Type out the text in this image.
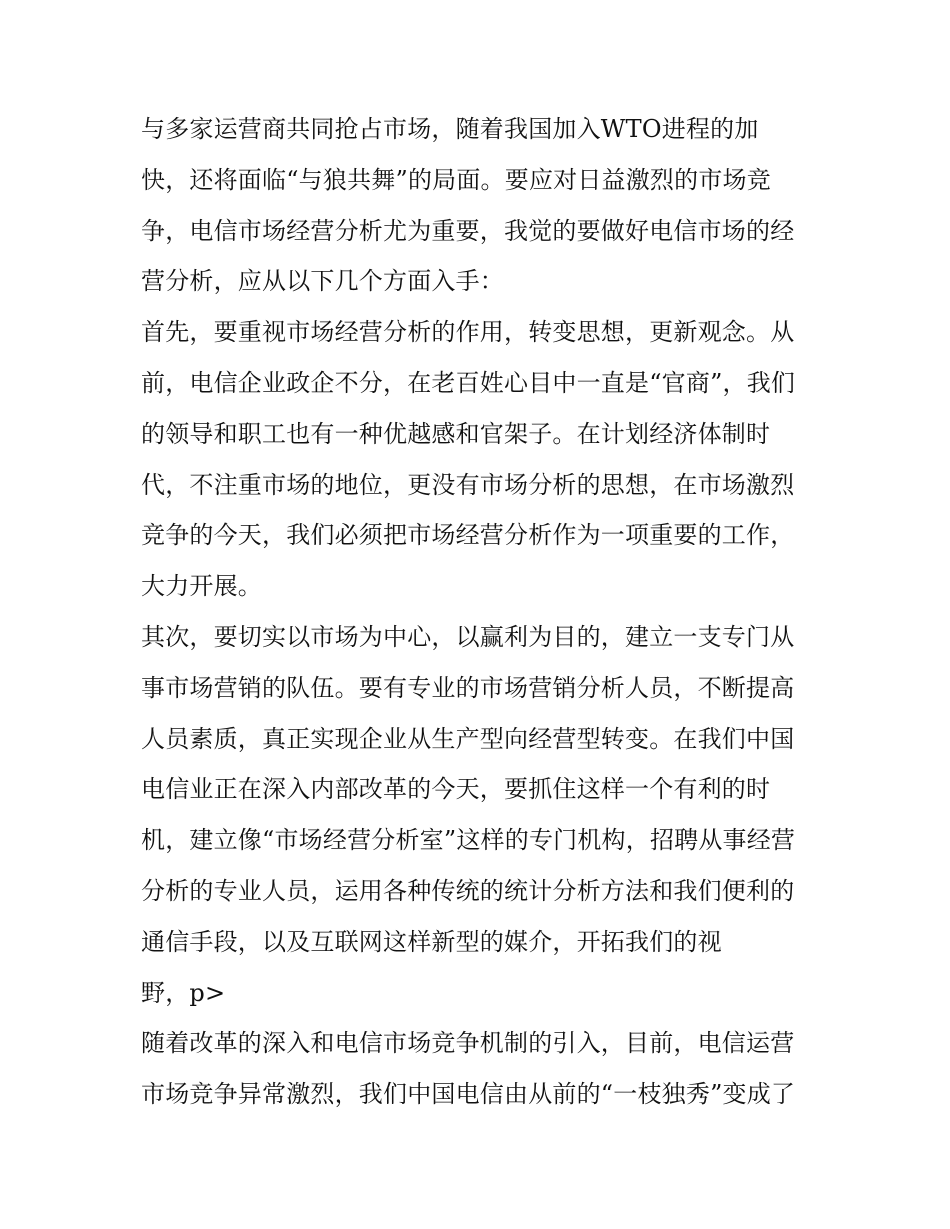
与多家运营商共同抢占市场，随着我国加入WTO进程的加
快，还将面临“与狼共舞”的局面。要应对日益激烈的市场竞
争，电信市场经营分析尤为重要，我觉的要做好电信市场的经
营分析，应从以下几个方面入手：
首先，要重视市场经营分析的作用，转变思想，更新观念。从
前，电信企业政企不分，在老百姓心目中一直是“官商”，我们
的领导和职工也有一种优越感和官架子。在计划经济体制时
代，不注重市场的地位，更没有市场分析的思想，在市场激烈
竞争的今天，我们必须把市场经营分析作为一项重要的工作，
大力开展。
其次，要切实以市场为中心，以赢利为目的，建立一支专门从
事市场营销的队伍。要有专业的市场营销分析人员，不断提高
人员素质，真正实现企业从生产型向经营型转变。在我们中国
电信业正在深入内部改革的今天，要抓住这样一个有利的时
机，建立像“市场经营分析室”这样的专门机构，招聘从事经营
分析的专业人员，运用各种传统的统计分析方法和我们便利的
通信手段，以及互联网这样新型的媒介，开拓我们的视
野，p>
随着改革的深入和电信市场竞争机制的引入，目前，电信运营
市场竞争异常激烈，我们中国电信由从前的“一枝独秀”变成了
